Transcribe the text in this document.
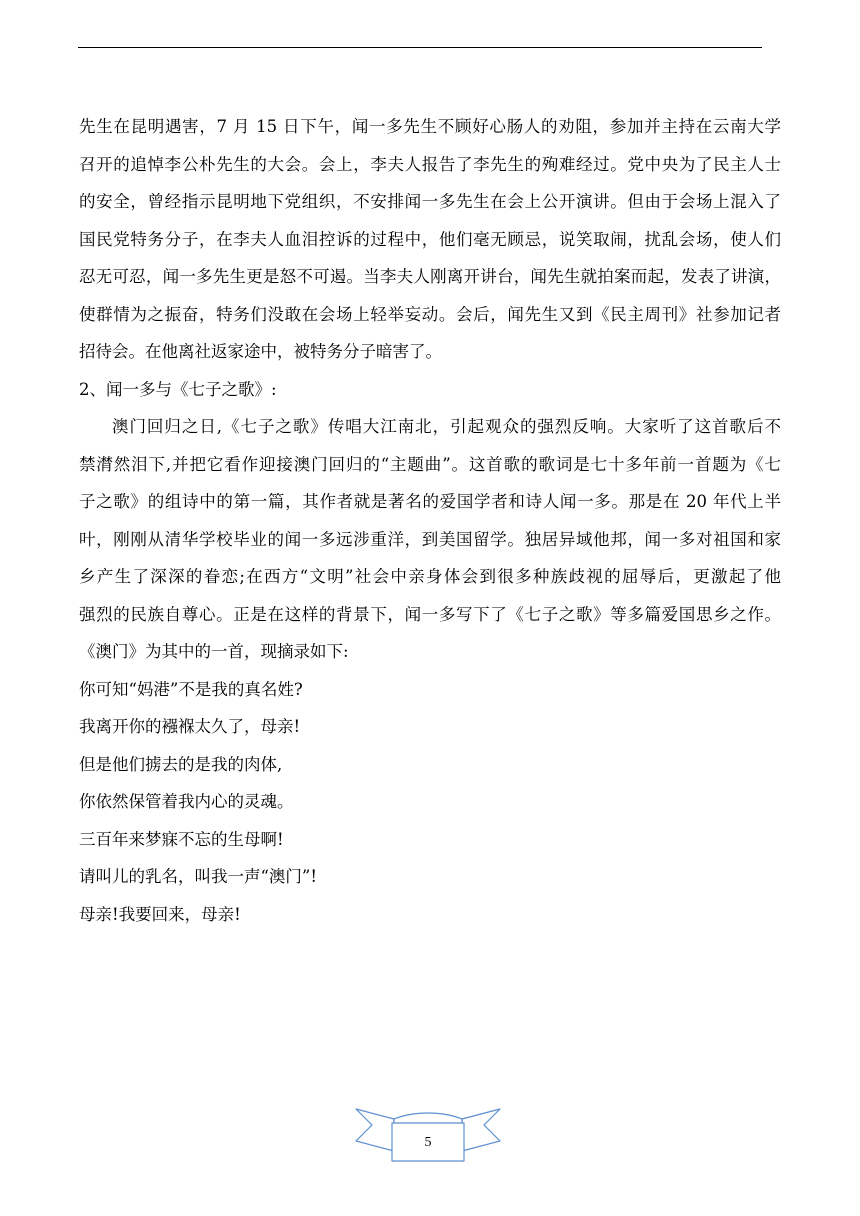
先生在昆明遇害，7 月 15 日下午，闻一多先生不顾好心肠人的劝阻，参加并主持在云南大学
召开的追悼李公朴先生的大会。会上，李夫人报告了李先生的殉难经过。党中央为了民主人士
的安全，曾经指示昆明地下党组织，不安排闻一多先生在会上公开演讲。但由于会场上混入了
国民党特务分子，在李夫人血泪控诉的过程中，他们毫无顾忌，说笑取闹，扰乱会场，使人们
忍无可忍，闻一多先生更是怒不可遏。当李夫人刚离开讲台，闻先生就拍案而起，发表了讲演，
使群情为之振奋，特务们没敢在会场上轻举妄动。会后，闻先生又到《民主周刊》社参加记者
招待会。在他离社返家途中，被特务分子暗害了。
2、闻一多与《七子之歌》:
澳门回归之日,《七子之歌》传唱大江南北，引起观众的强烈反响。大家听了这首歌后不
禁潸然泪下,并把它看作迎接澳门回归的“主题曲”。这首歌的歌词是七十多年前一首题为《七
子之歌》的组诗中的第一篇，其作者就是著名的爱国学者和诗人闻一多。那是在 20 年代上半
叶，刚刚从清华学校毕业的闻一多远涉重洋，到美国留学。独居异域他邦，闻一多对祖国和家
乡产生了深深的眷恋;在西方“文明”社会中亲身体会到很多种族歧视的屈辱后，更激起了他
强烈的民族自尊心。正是在这样的背景下，闻一多写下了《七子之歌》等多篇爱国思乡之作。
《澳门》为其中的一首，现摘录如下:
你可知“妈港”不是我的真名姓?
我离开你的襁褓太久了，母亲!
但是他们掳去的是我的肉体,
你依然保管着我内心的灵魂。
三百年来梦寐不忘的生母啊!
请叫儿的乳名，叫我一声“澳门”!
母亲!我要回来，母亲!
5
